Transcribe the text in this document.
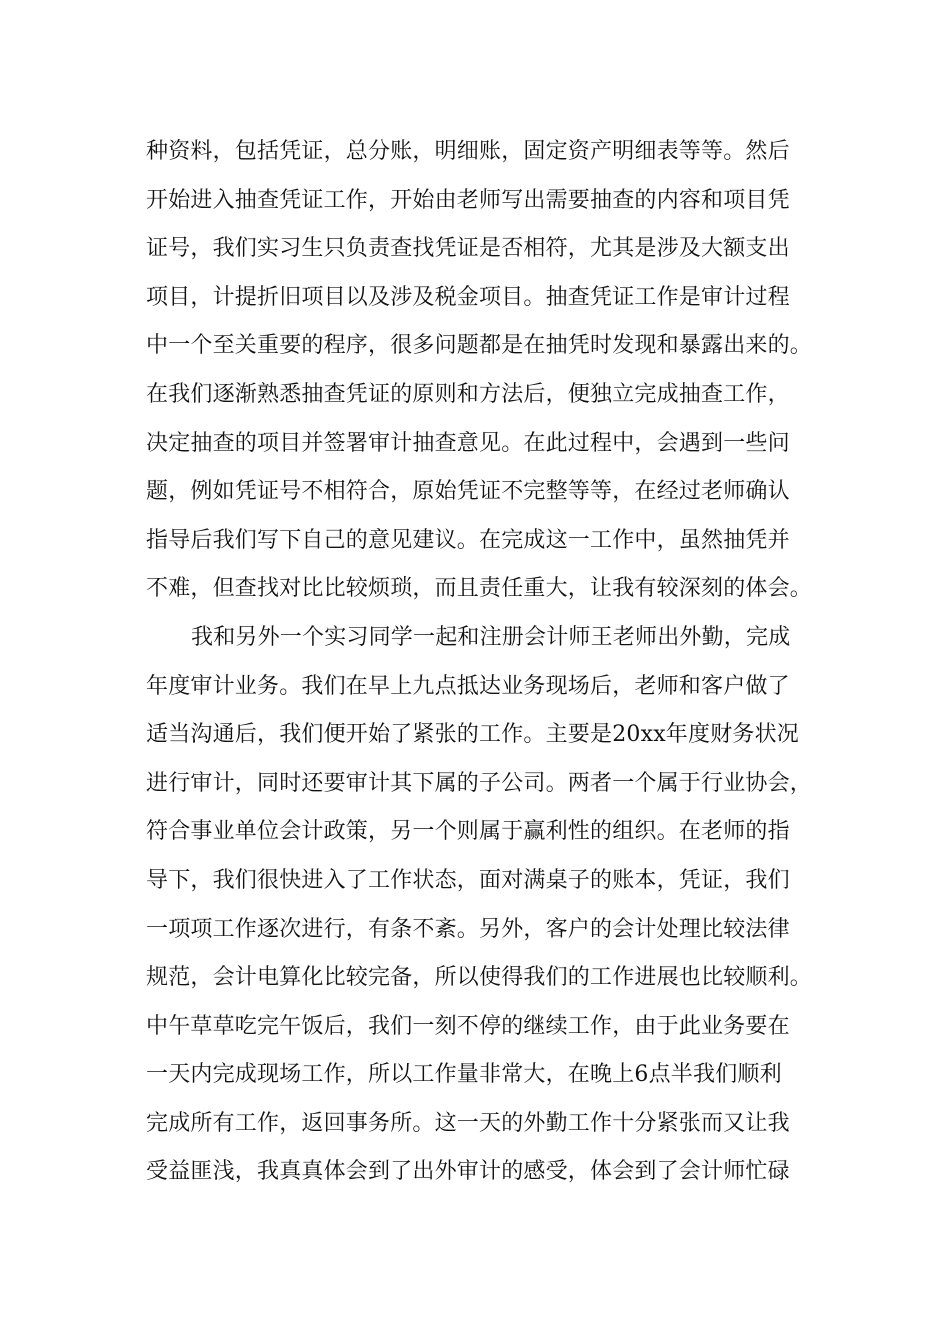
种资料，包括凭证，总分账，明细账，固定资产明细表等等。然后
开始进入抽查凭证工作，开始由老师写出需要抽查的内容和项目凭
证号，我们实习生只负责查找凭证是否相符，尤其是涉及大额支出
项目，计提折旧项目以及涉及税金项目。抽查凭证工作是审计过程
中一个至关重要的程序，很多问题都是在抽凭时发现和暴露出来的。
在我们逐渐熟悉抽查凭证的原则和方法后，便独立完成抽查工作，
决定抽查的项目并签署审计抽查意见。在此过程中，会遇到一些问
题，例如凭证号不相符合，原始凭证不完整等等，在经过老师确认
指导后我们写下自己的意见建议。在完成这一工作中，虽然抽凭并
不难，但查找对比比较烦琐，而且责任重大，让我有较深刻的体会。
我和另外一个实习同学一起和注册会计师王老师出外勤，完成
年度审计业务。我们在早上九点抵达业务现场后，老师和客户做了
适当沟通后，我们便开始了紧张的工作。主要是20xx年度财务状况
进行审计，同时还要审计其下属的子公司。两者一个属于行业协会，
符合事业单位会计政策，另一个则属于赢利性的组织。在老师的指
导下，我们很快进入了工作状态，面对满桌子的账本，凭证，我们
一项项工作逐次进行，有条不紊。另外，客户的会计处理比较法律
规范，会计电算化比较完备，所以使得我们的工作进展也比较顺利。
中午草草吃完午饭后，我们一刻不停的继续工作，由于此业务要在
一天内完成现场工作，所以工作量非常大，在晚上6点半我们顺利
完成所有工作，返回事务所。这一天的外勤工作十分紧张而又让我
受益匪浅，我真真体会到了出外审计的感受，体会到了会计师忙碌
